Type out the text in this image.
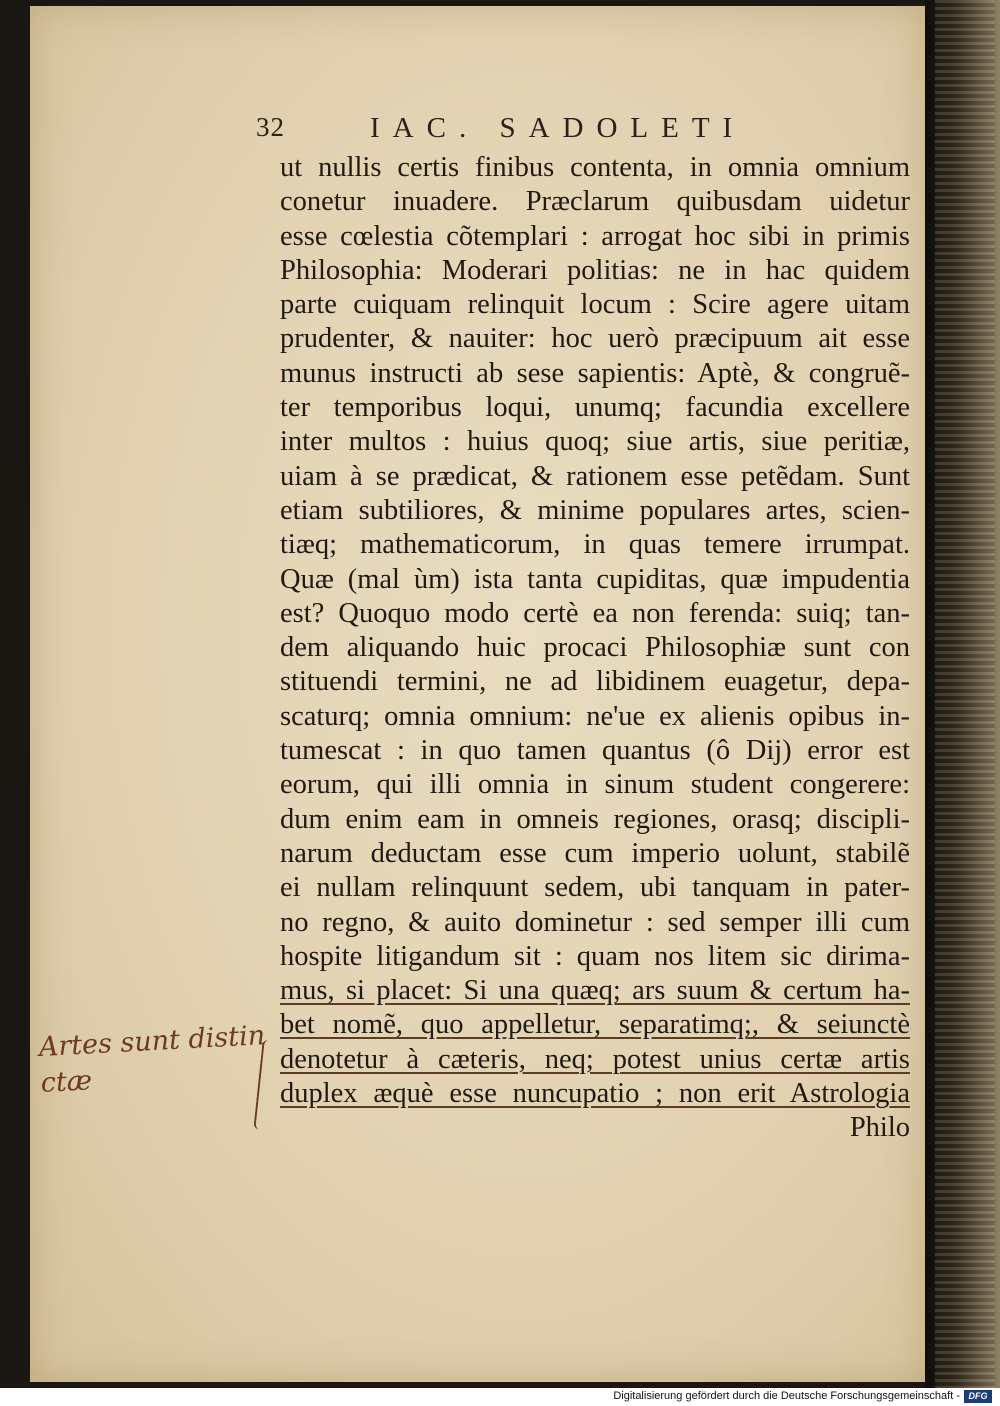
32	IAC. SADOLETI
ut nullis certis finibus contenta, in omnia omnium
conetur inuadere. Præclarum quibusdam uidetur
esse cœlestia cõtemplari : arrogat hoc sibi in primis
Philosophia: Moderari politias: ne in hac quidem
parte cuiquam relinquit locum : Scire agere uitam
prudenter, & nauiter: hoc uerò præcipuum ait esse
munus instructi ab sese sapientis: Aptè, & congruẽ-
ter temporibus loqui, unumq; facundia excellere
inter multos : huius quoq; siue artis, siue peritiæ,
uiam à se prædicat, & rationem esse petẽdam. Sunt
etiam subtiliores, & minime populares artes, scien-
tiæq; mathematicorum, in quas temere irrumpat.
Quæ (mal ùm) ista tanta cupiditas, quæ impudentia
est? Quoquo modo certè ea non ferenda: suiq; tan-
dem aliquando huic procaci Philosophiæ sunt con
stituendi termini, ne ad libidinem euagetur, depa-
scaturq; omnia omnium: ne'ue ex alienis opibus in-
tumescat : in quo tamen quantus (ô Dij) error est
eorum, qui illi omnia in sinum student congerere:
dum enim eam in omneis regiones, orasq; discipli-
narum deductam esse cum imperio uolunt, stabilẽ
ei nullam relinquunt sedem, ubi tanquam in pater-
no regno, & auito dominetur : sed semper illi cum
hospite litigandum sit : quam nos litem sic dirima-
mus, si placet: Si una quæq; ars suum & certum ha-
bet nomẽ, quo appelletur, separatimq;, & seiunctè
denotetur à cæteris, neq; potest unius certæ artis
duplex æquè esse nuncupatio ; non erit Astrologia
Philo
Artes sunt distin
ctæ
Digitalisierung gefördert durch die Deutsche Forschungsgemeinschaft - DFG
